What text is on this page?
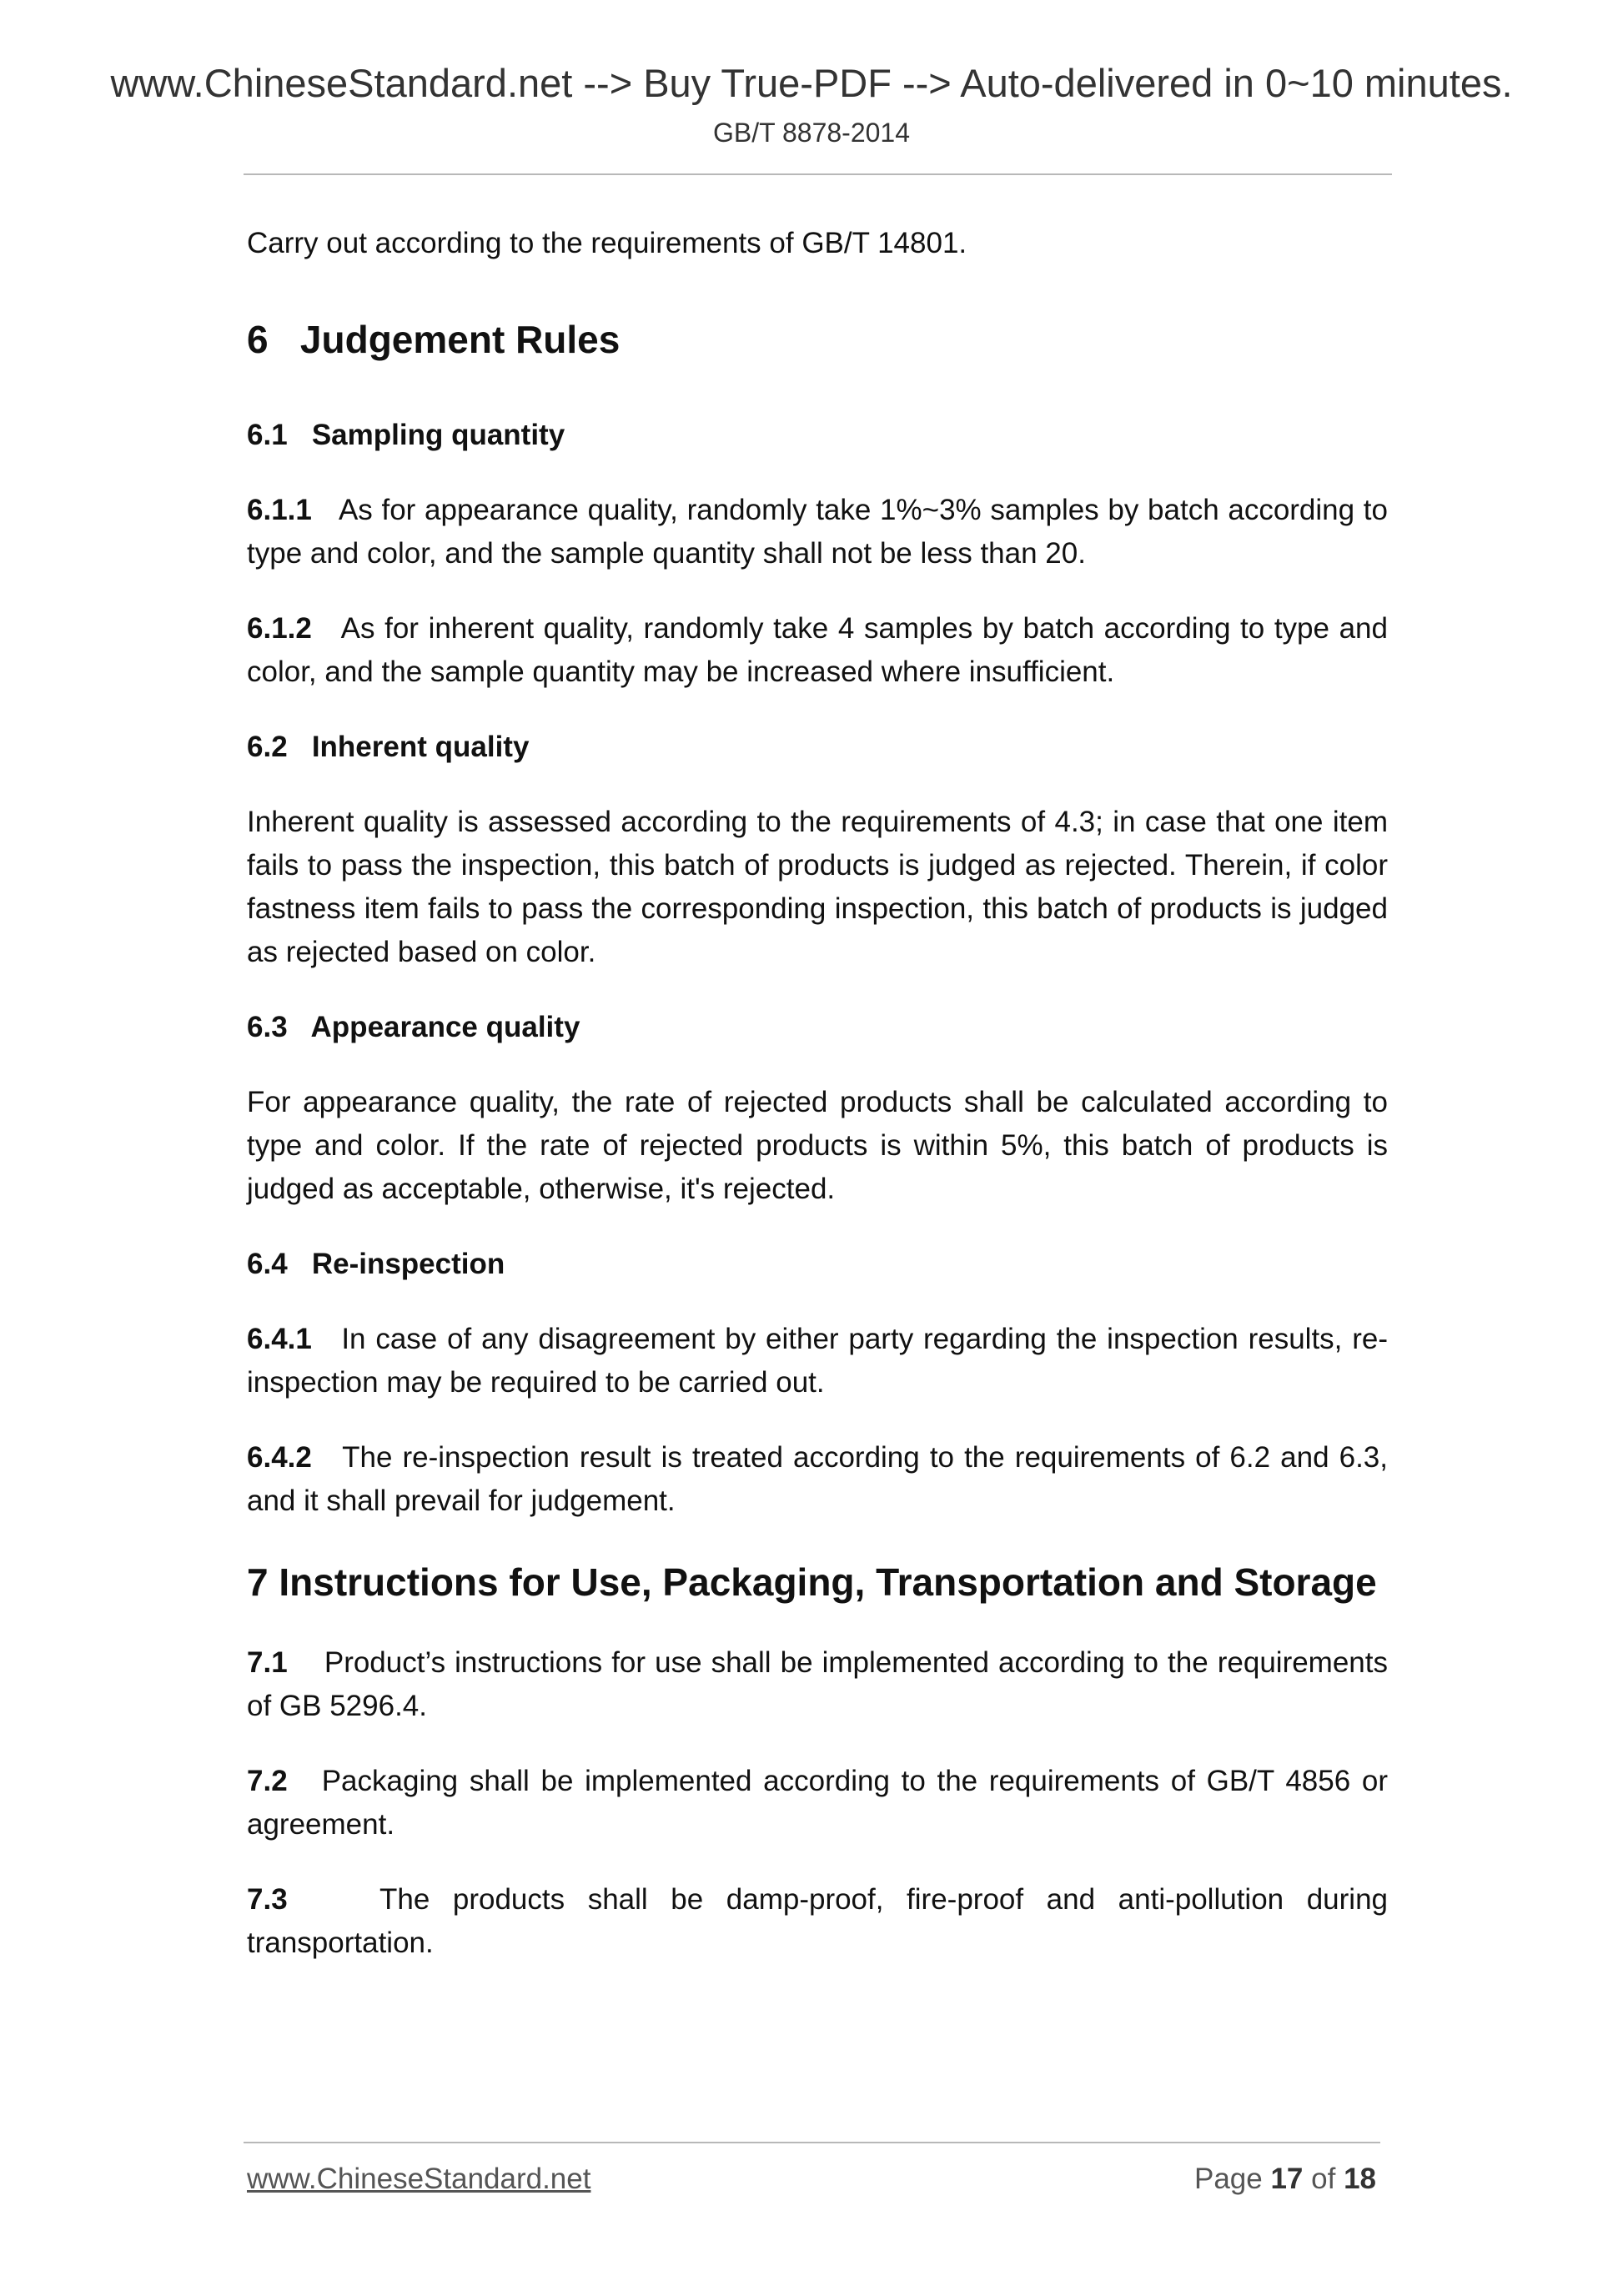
www.ChineseStandard.net --> Buy True-PDF --> Auto-delivered in 0~10 minutes.
GB/T 8878-2014

Carry out according to the requirements of GB/T 14801.

6   Judgement Rules
6.1   Sampling quantity

6.1.1 As for appearance quality, randomly take 1%~3% samples by batch according to type and color, and the sample quantity shall not be less than 20.

6.1.2 As for inherent quality, randomly take 4 samples by batch according to type and color, and the sample quantity may be increased where insufficient.

6.2   Inherent quality

Inherent quality is assessed according to the requirements of 4.3; in case that one item fails to pass the inspection, this batch of products is judged as rejected. Therein, if color fastness item fails to pass the corresponding inspection, this batch of products is judged as rejected based on color.

6.3   Appearance quality

For appearance quality, the rate of rejected products shall be calculated according to type and color. If the rate of rejected products is within 5%, this batch of products is judged as acceptable, otherwise, it's rejected.

6.4   Re-inspection

6.4.1 In case of any disagreement by either party regarding the inspection results, re-inspection may be required to be carried out.

6.4.2 The re-inspection result is treated according to the requirements of 6.2 and 6.3, and it shall prevail for judgement.

7 Instructions for Use, Packaging, Transportation and Storage

7.1 Product’s instructions for use shall be implemented according to the requirements of GB 5296.4.

7.2 Packaging shall be implemented according to the requirements of GB/T 4856 or agreement.

7.3	The products shall be damp-proof, fire-proof and anti-pollution during transportation.

www.ChineseStandard.net	Page 17 of 18
